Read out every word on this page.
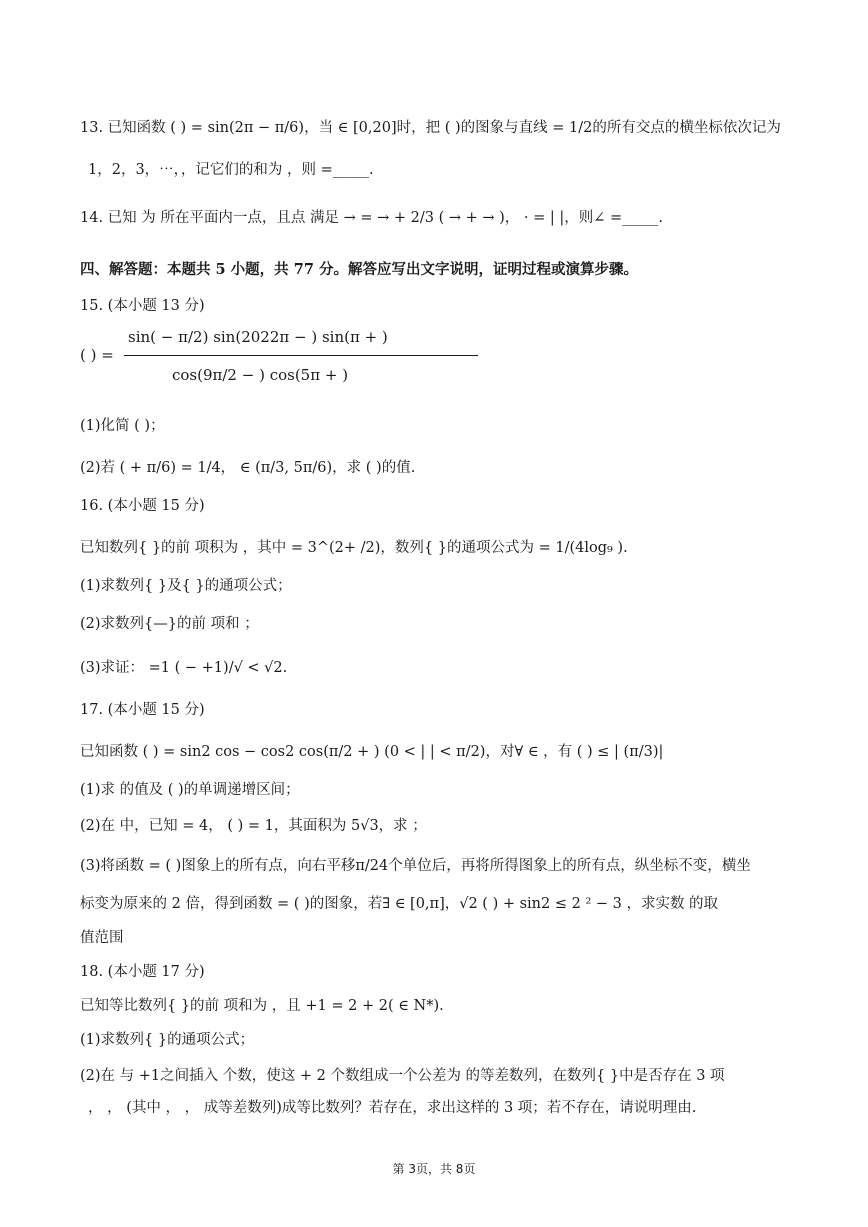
13. 已知函数 ( ) = sin(2π − π/6)，当 ∈ [0,20]时，把 ( )的图象与直线 = 1/2的所有交点的横坐标依次记为
1，2，3，⋯，，记它们的和为 ，则 =_____.
14. 已知 为 所在平面内一点，且点 满足 → = → + 2/3 ( → + → )， · = | |，则∠ =_____.
四、解答题：本题共 5 小题，共 77 分。解答应写出文字说明，证明过程或演算步骤。
15. (本小题 13 分)
( ) =
sin( − π/2) sin(2022π − ) sin(π + )
cos(9π/2 − ) cos(5π + )
(1)化简 ( )；
(2)若 ( + π/6) = 1/4， ∈ (π/3, 5π/6)，求 ( )的值.
16. (本小题 15 分)
已知数列{ }的前 项积为 ，其中 = 3^(2+ /2)，数列{ }的通项公式为 = 1/(4log₉ ).
(1)求数列{ }及{ }的通项公式；
(2)求数列{—}的前 项和 ；
(3)求证： =1 ( − +1)/√ < √2.
17. (本小题 15 分)
已知函数 ( ) = sin2 cos − cos2 cos(π/2 + ) (0 < | | < π/2)，对∀ ∈ ，有 ( ) ≤ | (π/3)|
(1)求 的值及 ( )的单调递增区间；
(2)在 中，已知 = 4， ( ) = 1，其面积为 5√3，求 ；
(3)将函数 = ( )图象上的所有点，向右平移π/24个单位后，再将所得图象上的所有点，纵坐标不变，横坐
标变为原来的 2 倍，得到函数 = ( )的图象，若∃ ∈ [0,π]，√2 ( ) + sin2 ≤ 2 ² − 3 ，求实数 的取
值范围
18. (本小题 17 分)
已知等比数列{ }的前 项和为 ，且 +1 = 2 + 2( ∈ N*).
(1)求数列{ }的通项公式；
(2)在 与 +1之间插入 个数，使这 + 2 个数组成一个公差为 的等差数列，在数列{ }中是否存在 3 项
， ， (其中 ， ， 成等差数列)成等比数列？若存在，求出这样的 3 项；若不存在，请说明理由.
第 3页，共 8页
